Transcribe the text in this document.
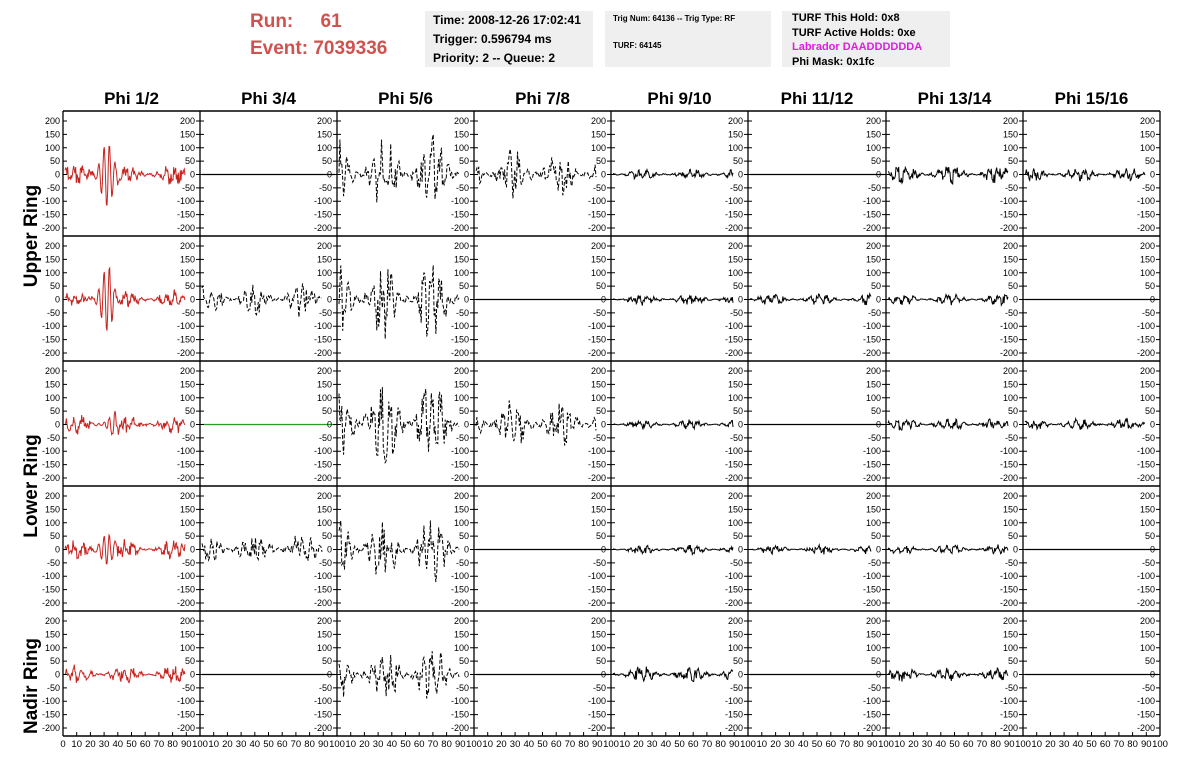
Run: 61
Event: 7039336
Time: 2008-12-26 17:02:41
Trigger: 0.596794 ms
Priority: 2 -- Queue: 2
Trig Num: 64136 -- Trig Type: RF
TURF: 64145
TURF This Hold: 0x8
TURF Active Holds: 0xe
Labrador DAADDDDDDA
Phi Mask: 0x1fc
Phi 1/2	Phi 3/4	Phi 5/6	Phi 7/8	Phi 9/10	Phi 11/12	Phi 13/14	Phi 15/16
Upper Ring
Lower Ring
Nadir Ring
200
150
100
50
0
-50
-100
-150
-200
200
150
100
50
0
-50
-100
-150
-200
200
150
100
50
0
-50
-100
-150
-200
200
150
100
50
0
-50
-100
-150
-200
200
150
100
50
0
-50
-100
-150
-200
200
150
100
50
0
-50
-100
-150
-200
200
150
100
50
0
-50
-100
-150
-200
200
150
100
50
0
-50
-100
-150
-200
200
150
100
50
0
-50
-100
-150
-200
200
150
100
50
0
-50
-100
-150
-200
200
150
100
50
0
-50
-100
-150
-200
200
150
100
50
0
-50
-100
-150
-200
200
150
100
50
0
-50
-100
-150
-200
200
150
100
50
0
-50
-100
-150
-200
200
150
100
50
0
-50
-100
-150
-200
200
150
100
50
0
-50
-100
-150
-200
200
150
100
50
0
-50
-100
-150
-200
200
150
100
50
0
-50
-100
-150
-200
200
150
100
50
0
-50
-100
-150
-200
200
150
100
50
0
-50
-100
-150
-200
200
150
100
50
0
-50
-100
-150
-200
200
150
100
50
0
-50
-100
-150
-200
200
150
100
50
0
-50
-100
-150
-200
200
150
100
50
0
-50
-100
-150
-200
200
150
100
50
0
-50
-100
-150
-200
200
150
100
50
0
-50
-100
-150
-200
200
150
100
50
0
-50
-100
-150
-200
200
150
100
50
0
-50
-100
-150
-200
200
150
100
50
0
-50
-100
-150
-200
200
150
100
50
0
-50
-100
-150
-200
200
150
100
50
0
-50
-100
-150
-200
200
150
100
50
0
-50
-100
-150
-200
200
150
100
50
0
-50
-100
-150
-200
200
150
100
50
0
-50
-100
-150
-200
200
150
100
50
0
-50
-100
-150
-200
200
150
100
50
0
-50
-100
-150
-200
200
150
100
50
0
-50
-100
-150
-200
200
150
100
50
0
-50
-100
-150
-200
200
150
100
50
0
-50
-100
-150
-200
200
150
100
50
0
-50
-100
-150
-200
200
150
100
50
0
-50
-100
-150
-200
200
150
100
50
0
-50
-100
-150
-200
200
150
100
50
0
-50
-100
-150
-200
200
150
100
50
0
-50
-100
-150
-200
200
150
100
50
0
-50
-100
-150
-200
0 10 20 30 40 50 60 70 80 90 100 10 20 30 40 50 60 70 80 90 100 10 20 30 40 50 60 70 80 90 100 10 20 30 40 50 60 70 80 90 100 10 20 30 40 50 60 70 80 90 100 10 20 30 40 50 60 70 80 90 100 10 20 30 40 50 60 70 80 90 100 10 20 30 40 50 60 70 80 90 100
